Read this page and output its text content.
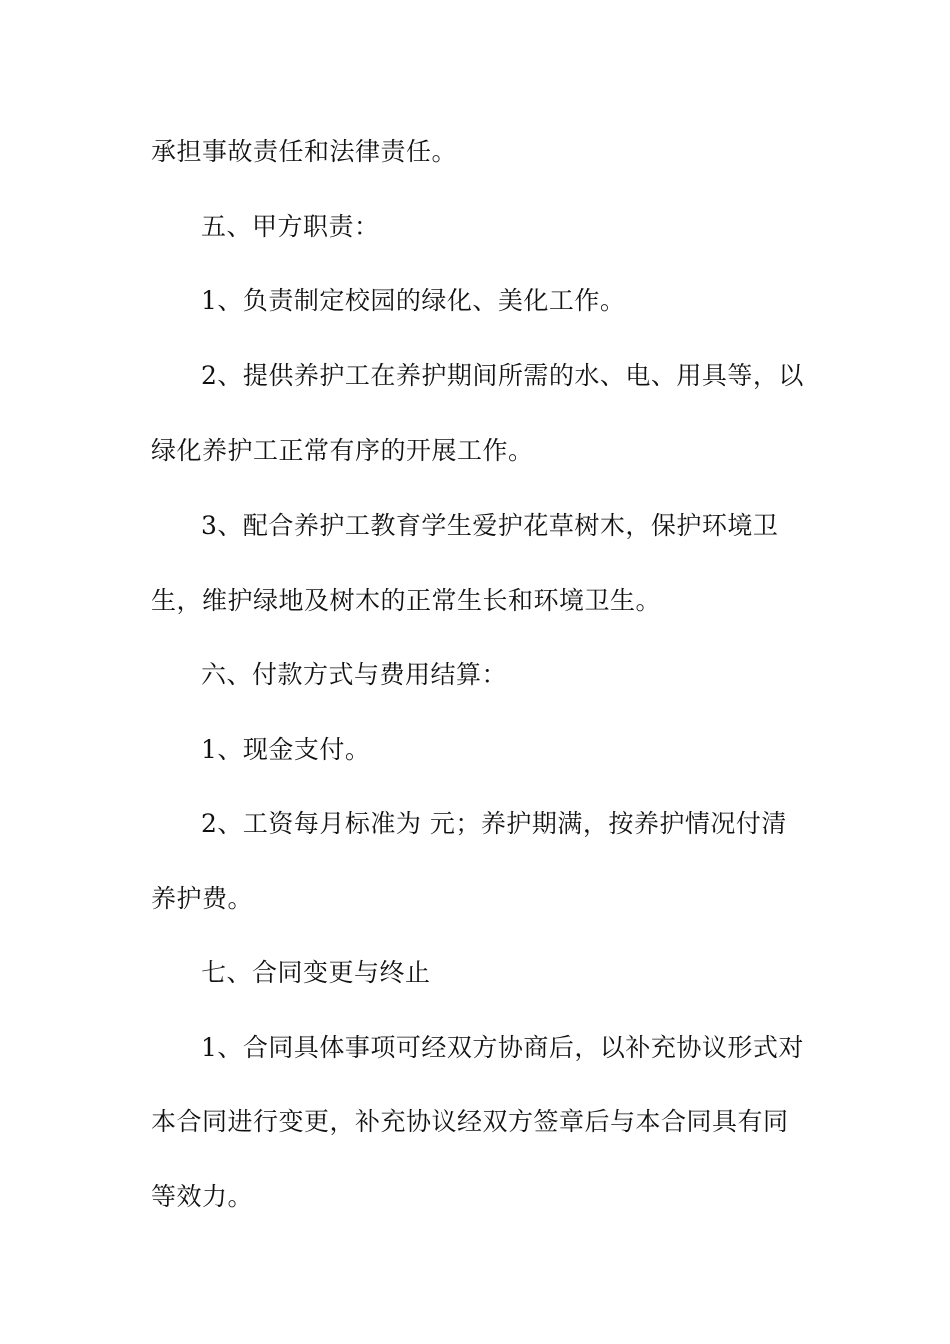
承担事故责任和法律责任。
五、甲方职责：
1、负责制定校园的绿化、美化工作。
2、提供养护工在养护期间所需的水、电、用具等，以
绿化养护工正常有序的开展工作。
3、配合养护工教育学生爱护花草树木，保护环境卫
生，维护绿地及树木的正常生长和环境卫生。
六、付款方式与费用结算：
1、现金支付。
2、工资每月标准为 元；养护期满，按养护情况付清
养护费。
七、合同变更与终止
1、合同具体事项可经双方协商后，以补充协议形式对
本合同进行变更，补充协议经双方签章后与本合同具有同
等效力。
